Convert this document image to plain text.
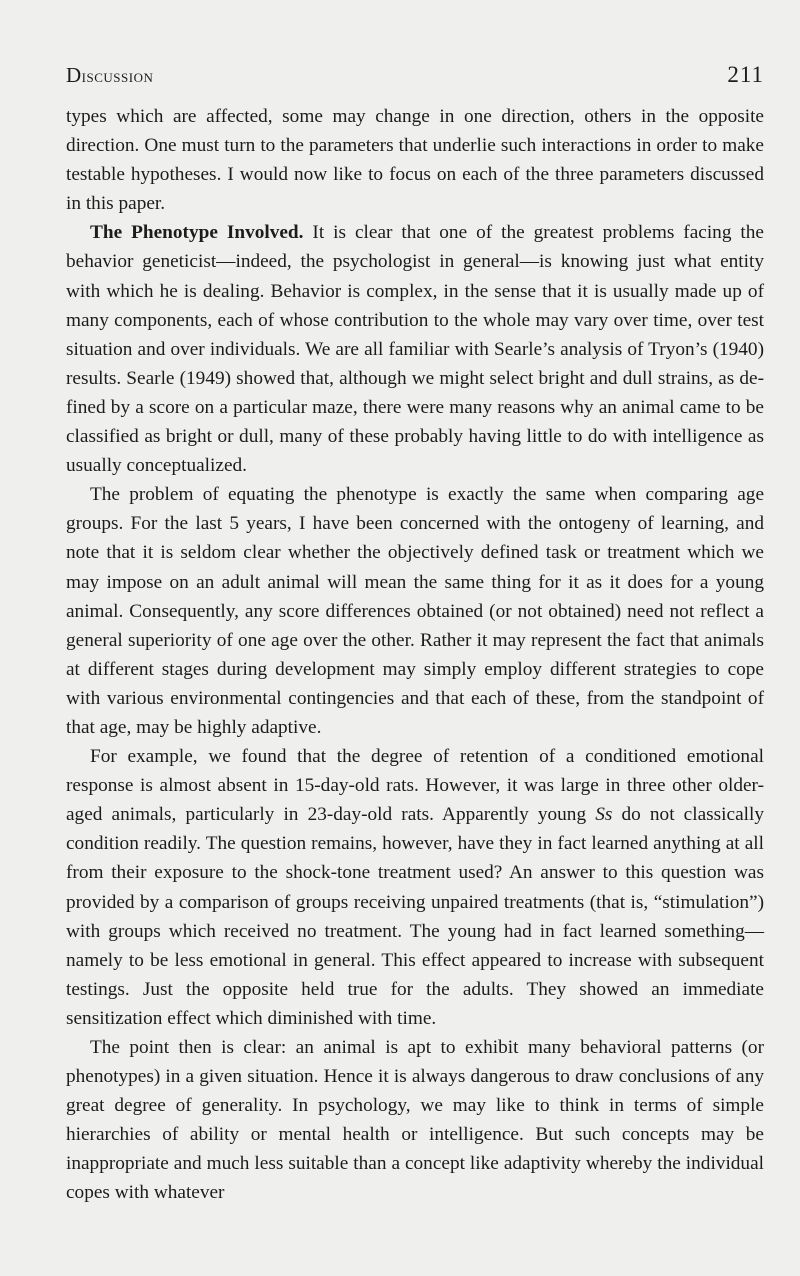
Discussion	211

types which are affected, some may change in one direction, others in the opposite direction. One must turn to the parameters that underlie such interactions in order to make testable hypotheses. I would now like to focus on each of the three parameters discussed in this paper.

The Phenotype Involved. It is clear that one of the greatest problems facing the behavior geneticist—indeed, the psychologist in general—is knowing just what entity with which he is dealing. Behavior is complex, in the sense that it is usually made up of many components, each of whose contribution to the whole may vary over time, over test situation and over individuals. We are all familiar with Searle’s analysis of Tryon’s (1940) results. Searle (1949) showed that, although we might select bright and dull strains, as defined by a score on a particular maze, there were many reasons why an animal came to be classified as bright or dull, many of these probably having little to do with intelligence as usually conceptualized.

The problem of equating the phenotype is exactly the same when comparing age groups. For the last 5 years, I have been concerned with the ontogeny of learning, and note that it is seldom clear whether the objectively defined task or treatment which we may impose on an adult animal will mean the same thing for it as it does for a young animal. Consequently, any score differences obtained (or not obtained) need not reflect a general superiority of one age over the other. Rather it may represent the fact that animals at different stages during development may simply employ different strategies to cope with various environmental contingencies and that each of these, from the standpoint of that age, may be highly adaptive.

For example, we found that the degree of retention of a conditioned emotional response is almost absent in 15-day-old rats. However, it was large in three other older-aged animals, particularly in 23-day-old rats. Apparently young Ss do not classically condition readily. The question remains, however, have they in fact learned anything at all from their exposure to the shock-tone treatment used? An answer to this question was provided by a comparison of groups receiving unpaired treatments (that is, “stimulation”) with groups which received no treatment. The young had in fact learned something—namely to be less emotional in general. This effect appeared to increase with subsequent testings. Just the opposite held true for the adults. They showed an immediate sensitization effect which diminished with time.

The point then is clear: an animal is apt to exhibit many behavioral patterns (or phenotypes) in a given situation. Hence it is always dangerous to draw conclusions of any great degree of generality. In psychology, we may like to think in terms of simple hierarchies of ability or mental health or intelligence. But such concepts may be inappropriate and much less suitable than a concept like adaptivity whereby the individual copes with whatever
